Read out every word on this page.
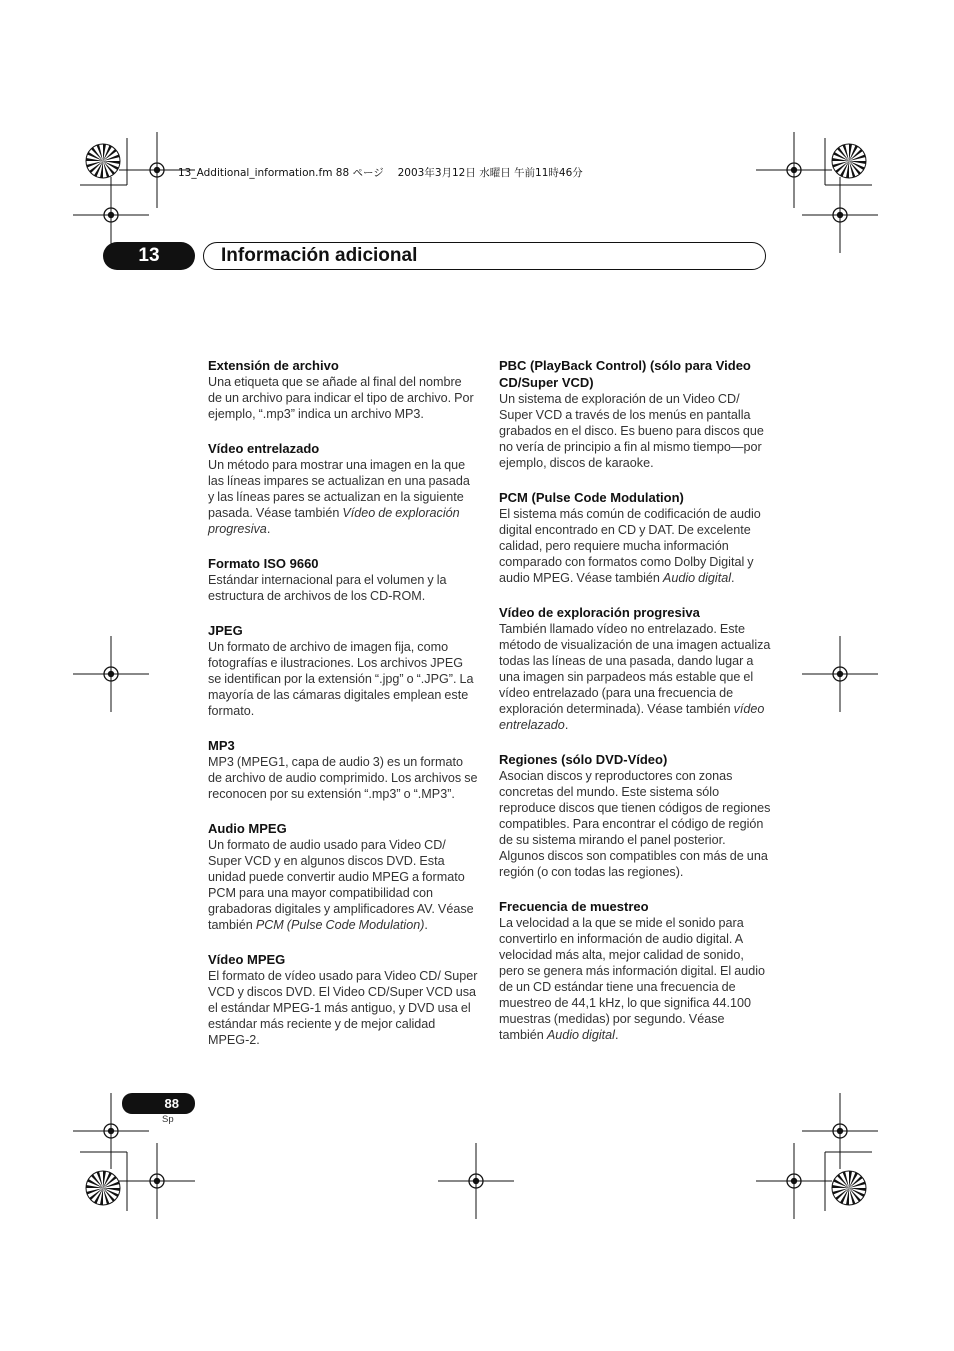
13_Additional_information.fm 88 ページ　 2003年3月12日 水曜日 午前11時46分
13	Información adicional

Extensión de archivo

Una etiqueta que se añade al final del nombre de un archivo para indicar el tipo de archivo. Por ejemplo, “.mp3” indica un archivo MP3.

Vídeo entrelazado

Un método para mostrar una imagen en la que las líneas impares se actualizan en una pasada y las líneas pares se actualizan en la siguiente pasada. Véase también Vídeo de exploración progresiva.

Formato ISO 9660

Estándar internacional para el volumen y la estructura de archivos de los CD-ROM.

JPEG

Un formato de archivo de imagen fija, como fotografías e ilustraciones. Los archivos JPEG se identifican por la extensión “.jpg” o “.JPG”. La mayoría de las cámaras digitales emplean este formato.

MP3

MP3 (MPEG1, capa de audio 3) es un formato de archivo de audio comprimido. Los archivos se reconocen por su extensión “.mp3” o “.MP3”.

Audio MPEG

Un formato de audio usado para Video CD/ Super VCD y en algunos discos DVD. Esta unidad puede convertir audio MPEG a formato PCM para una mayor compatibilidad con grabadoras digitales y amplificadores AV. Véase también PCM (Pulse Code Modulation).

Vídeo MPEG

El formato de vídeo usado para Video CD/ Super VCD y discos DVD. El Video CD/Super VCD usa el estándar MPEG-1 más antiguo, y DVD usa el estándar más reciente y de mejor calidad MPEG-2.

PBC (PlayBack Control) (sólo para Video CD/Super VCD)

Un sistema de exploración de un Video CD/ Super VCD a través de los menús en pantalla grabados en el disco. Es bueno para discos que no vería de principio a fin al mismo tiempo—por ejemplo, discos de karaoke.

PCM (Pulse Code Modulation)

El sistema más común de codificación de audio digital encontrado en CD y DAT. De excelente calidad, pero requiere mucha información comparado con formatos como Dolby Digital y audio MPEG. Véase también Audio digital.

Vídeo de exploración progresiva

También llamado vídeo no entrelazado. Este método de visualización de una imagen actualiza todas las líneas de una pasada, dando lugar a una imagen sin parpadeos más estable que el vídeo entrelazado (para una frecuencia de exploración determinada). Véase también vídeo entrelazado.

Regiones (sólo DVD-Vídeo)

Asocian discos y reproductores con zonas concretas del mundo. Este sistema sólo reproduce discos que tienen códigos de regiones compatibles. Para encontrar el código de región de su sistema mirando el panel posterior. Algunos discos son compatibles con más de una región (o con todas las regiones).

Frecuencia de muestreo

La velocidad a la que se mide el sonido para convertirlo en información de audio digital. A velocidad más alta, mejor calidad de sonido, pero se genera más información digital. El audio de un CD estándar tiene una frecuencia de muestreo de 44,1 kHz, lo que significa 44.100 muestras (medidas) por segundo. Véase también Audio digital.

88
Sp
